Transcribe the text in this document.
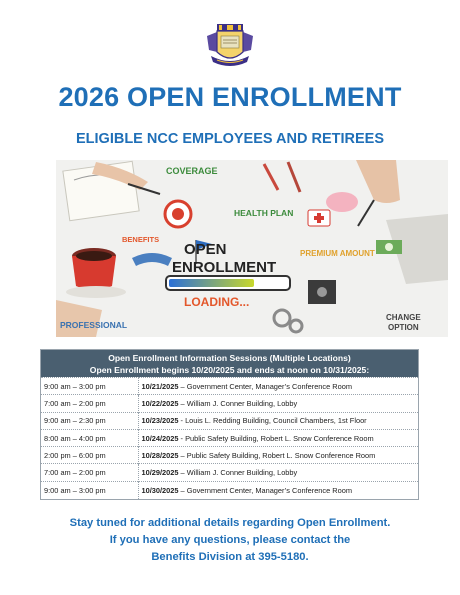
2026 OPEN ENROLLMENT
ELIGIBLE NCC EMPLOYEES AND RETIREES
COVERAGE
BENEFITS
HEALTH PLAN
PREMIUM AMOUNT
OPEN
ENROLLMENT
LOADING...
PROFESSIONAL
CHANGE
OPTION
Open Enrollment Information Sessions (Multiple Locations)
Open Enrollment begins 10/20/2025 and ends at noon on 10/31/2025:
9:00 am – 3:00 pm	10/21/2025 – Government Center, Manager’s Conference Room
7:00 am – 2:00 pm	10/22/2025 – William J. Conner Building, Lobby
9:00 am – 2:30 pm	10/23/2025 - Louis L. Redding Building, Council Chambers, 1st Floor
8:00 am – 4:00 pm	10/24/2025 - Public Safety Building, Robert L. Snow Conference Room
2:00 pm – 6:00 pm	10/28/2025 – Public Safety Building, Robert L. Snow Conference Room
7:00 am – 2:00 pm	10/29/2025 – William J. Conner Building, Lobby
9:00 am – 3:00 pm	10/30/2025 – Government Center, Manager’s Conference Room
Stay tuned for additional details regarding Open Enrollment.
If you have any questions, please contact the
Benefits Division at 395-5180.
